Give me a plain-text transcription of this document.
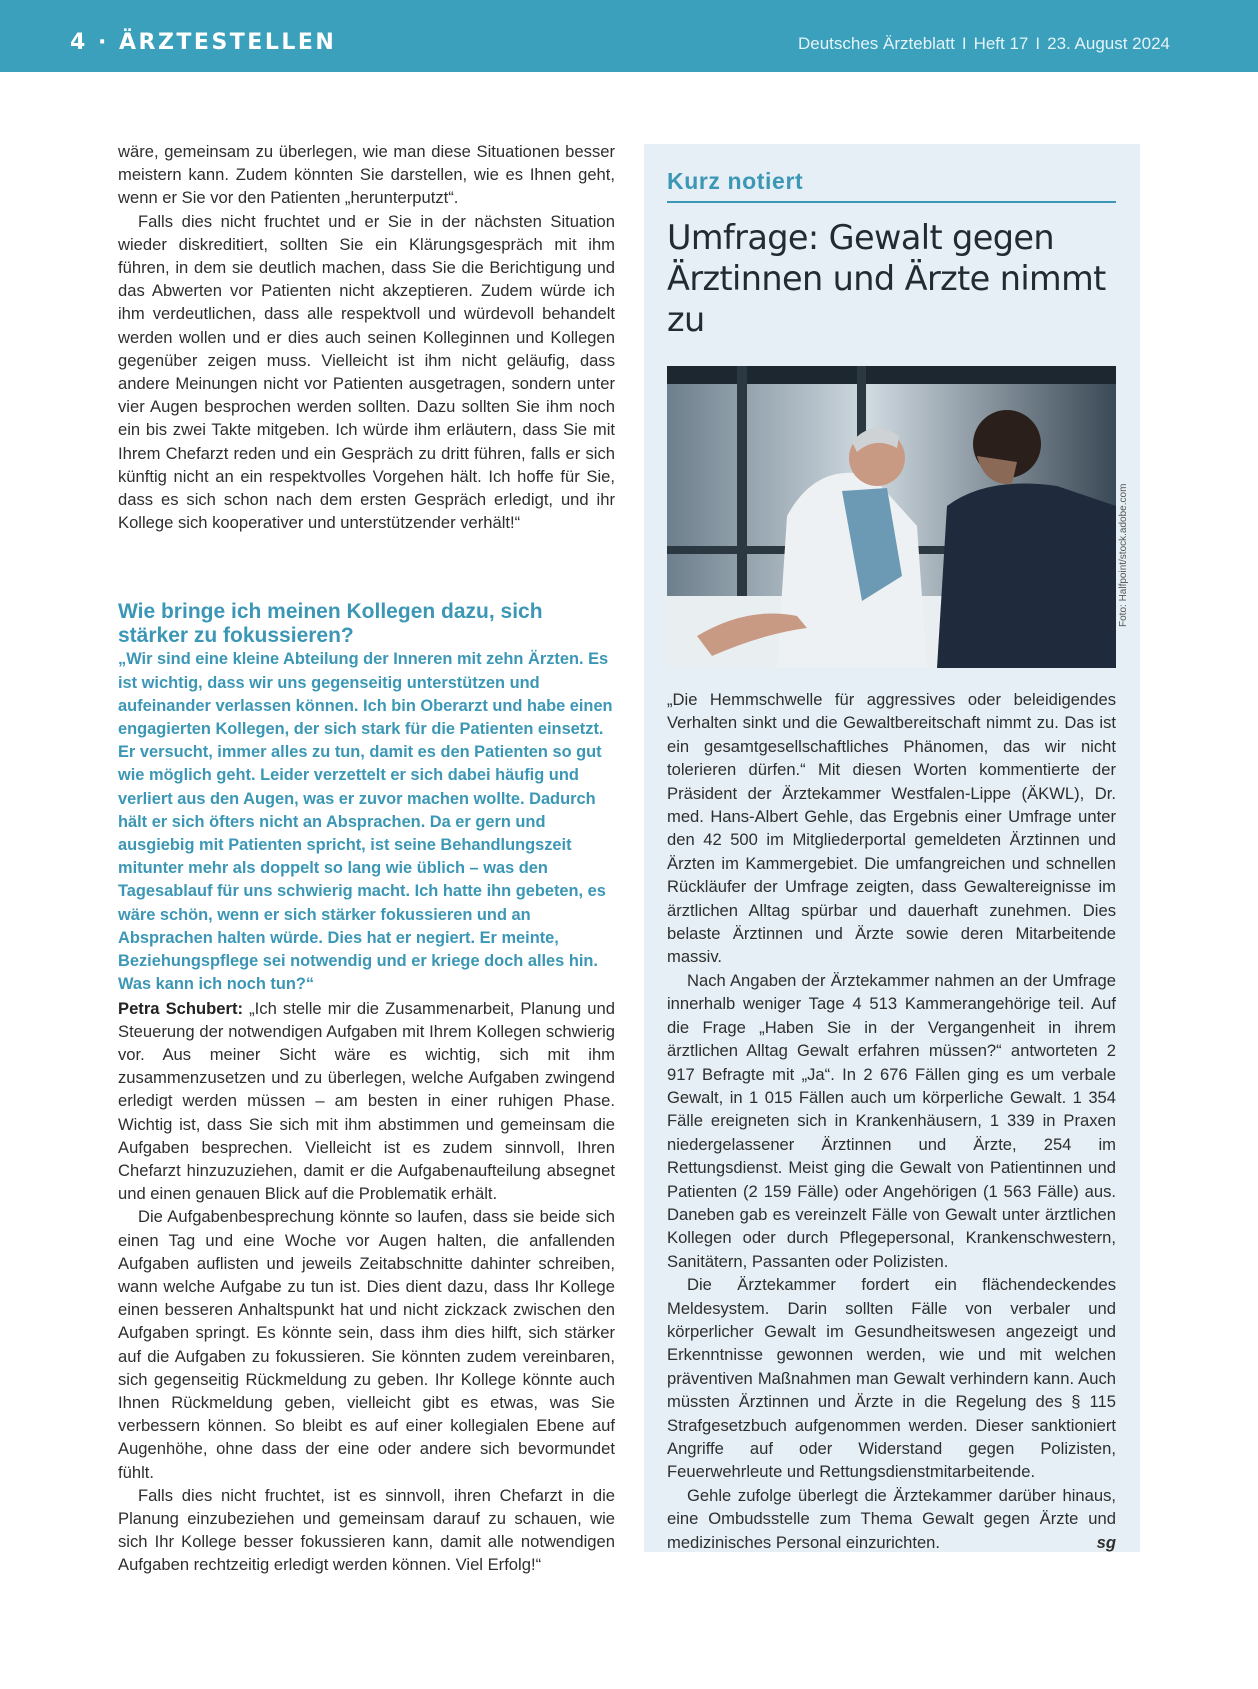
4 · ÄRZTESTELLEN	Deutsches Ärzteblatt I Heft 17 I 23. August 2024

wäre, gemeinsam zu überlegen, wie man diese Situationen besser meistern kann. Zudem könnten Sie darstellen, wie es Ihnen geht, wenn er Sie vor den Patienten „herunterputzt“.

Falls dies nicht fruchtet und er Sie in der nächsten Situation wieder diskreditiert, sollten Sie ein Klärungsgespräch mit ihm führen, in dem sie deutlich machen, dass Sie die Berichtigung und das Abwerten vor Patienten nicht akzeptieren. Zudem würde ich ihm verdeutlichen, dass alle respektvoll und würdevoll behandelt werden wollen und er dies auch seinen Kolleginnen und Kollegen gegenüber zeigen muss. Vielleicht ist ihm nicht geläufig, dass andere Meinungen nicht vor Patienten ausgetragen, sondern unter vier Augen besprochen werden sollten. Dazu sollten Sie ihm noch ein bis zwei Takte mitgeben. Ich würde ihm erläutern, dass Sie mit Ihrem Chefarzt reden und ein Gespräch zu dritt führen, falls er sich künftig nicht an ein respektvolles Vorgehen hält. Ich hoffe für Sie, dass es sich schon nach dem ersten Gespräch erledigt, und ihr Kollege sich kooperativer und unterstützender verhält!“

Wie bringe ich meinen Kollegen dazu, sich stärker zu fokussieren?
„Wir sind eine kleine Abteilung der Inneren mit zehn Ärzten. Es ist wichtig, dass wir uns gegenseitig unterstützen und aufeinander verlassen können. Ich bin Oberarzt und habe einen engagierten Kollegen, der sich stark für die Patienten einsetzt. Er versucht, immer alles zu tun, damit es den Patienten so gut wie möglich geht. Leider verzettelt er sich dabei häufig und verliert aus den Augen, was er zuvor machen wollte. Dadurch hält er sich öfters nicht an Absprachen. Da er gern und ausgiebig mit Patienten spricht, ist seine Behandlungszeit mitunter mehr als doppelt so lang wie üblich – was den Tagesablauf für uns schwierig macht. Ich hatte ihn gebeten, es wäre schön, wenn er sich stärker fokussieren und an Absprachen halten würde. Dies hat er negiert. Er meinte, Beziehungspflege sei notwendig und er kriege doch alles hin. Was kann ich noch tun?“

Petra Schubert: „Ich stelle mir die Zusammenarbeit, Planung und Steuerung der notwendigen Aufgaben mit Ihrem Kollegen schwierig vor. Aus meiner Sicht wäre es wichtig, sich mit ihm zusammenzusetzen und zu überlegen, welche Aufgaben zwingend erledigt werden müssen – am besten in einer ruhigen Phase. Wichtig ist, dass Sie sich mit ihm abstimmen und gemeinsam die Aufgaben besprechen. Vielleicht ist es zudem sinnvoll, Ihren Chefarzt hinzuzuziehen, damit er die Aufgabenaufteilung absegnet und einen genauen Blick auf die Problematik erhält.

Die Aufgabenbesprechung könnte so laufen, dass sie beide sich einen Tag und eine Woche vor Augen halten, die anfallenden Aufgaben auflisten und jeweils Zeitabschnitte dahinter schreiben, wann welche Aufgabe zu tun ist. Dies dient dazu, dass Ihr Kollege einen besseren Anhaltspunkt hat und nicht zickzack zwischen den Aufgaben springt. Es könnte sein, dass ihm dies hilft, sich stärker auf die Aufgaben zu fokussieren. Sie könnten zudem vereinbaren, sich gegenseitig Rückmeldung zu geben. Ihr Kollege könnte auch Ihnen Rückmeldung geben, vielleicht gibt es etwas, was Sie verbessern können. So bleibt es auf einer kollegialen Ebene auf Augenhöhe, ohne dass der eine oder andere sich bevormundet fühlt.

Falls dies nicht fruchtet, ist es sinnvoll, ihren Chefarzt in die Planung einzubeziehen und gemeinsam darauf zu schauen, wie sich Ihr Kollege besser fokussieren kann, damit alle notwendigen Aufgaben rechtzeitig erledigt werden können. Viel Erfolg!“

Kurz notiert
Umfrage: Gewalt gegen Ärztinnen und Ärzte nimmt zu

„Die Hemmschwelle für aggressives oder beleidigendes Verhalten sinkt und die Gewaltbereitschaft nimmt zu. Das ist ein gesamtgesellschaftliches Phänomen, das wir nicht tolerieren dürfen.“ Mit diesen Worten kommentierte der Präsident der Ärztekammer Westfalen-Lippe (ÄKWL), Dr. med. Hans-Albert Gehle, das Ergebnis einer Umfrage unter den 42 500 im Mitgliederportal gemeldeten Ärztinnen und Ärzten im Kammergebiet. Die umfangreichen und schnellen Rückläufer der Umfrage zeigten, dass Gewaltereignisse im ärztlichen Alltag spürbar und dauerhaft zunehmen. Dies belaste Ärztinnen und Ärzte sowie deren Mitarbeitende massiv.

Nach Angaben der Ärztekammer nahmen an der Umfrage innerhalb weniger Tage 4 513 Kammerangehörige teil. Auf die Frage „Haben Sie in der Vergangenheit in ihrem ärztlichen Alltag Gewalt erfahren müssen?“ antworteten 2 917 Befragte mit „Ja“. In 2 676 Fällen ging es um verbale Gewalt, in 1 015 Fällen auch um körperliche Gewalt. 1 354 Fälle ereigneten sich in Krankenhäusern, 1 339 in Praxen niedergelassener Ärztinnen und Ärzte, 254 im Rettungsdienst. Meist ging die Gewalt von Patientinnen und Patienten (2 159 Fälle) oder Angehörigen (1 563 Fälle) aus. Daneben gab es vereinzelt Fälle von Gewalt unter ärztlichen Kollegen oder durch Pflegepersonal, Krankenschwestern, Sanitätern, Passanten oder Polizisten.

Die Ärztekammer fordert ein flächendeckendes Meldesystem. Darin sollten Fälle von verbaler und körperlicher Gewalt im Gesundheitswesen angezeigt und Erkenntnisse gewonnen werden, wie und mit welchen präventiven Maßnahmen man Gewalt verhindern kann. Auch müssten Ärztinnen und Ärzte in die Regelung des § 115 Strafgesetzbuch aufgenommen werden. Dieser sanktioniert Angriffe auf oder Widerstand gegen Polizisten, Feuerwehrleute und Rettungsdienstmitarbeitende.

Gehle zufolge überlegt die Ärztekammer darüber hinaus, eine Ombudsstelle zum Thema Gewalt gegen Ärzte und medizinisches Personal einzurichten.	sg

Foto: Halfpoint/stock.adobe.com
